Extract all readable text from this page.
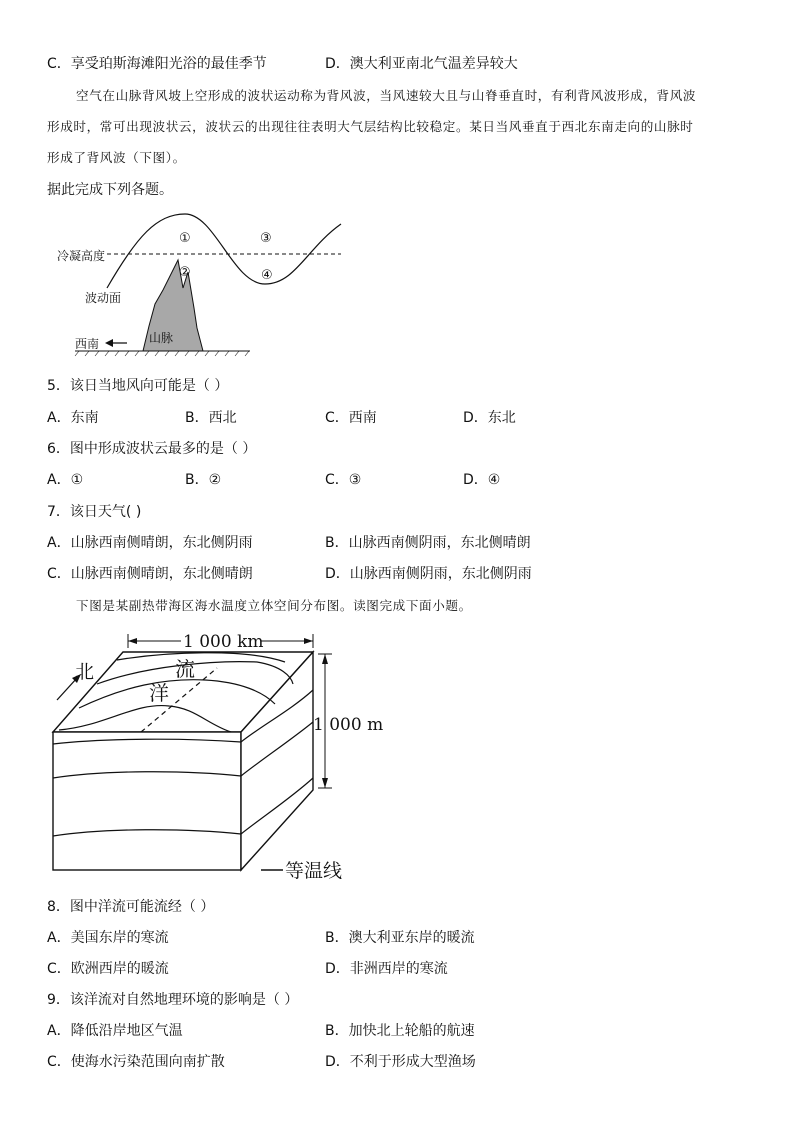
C．享受珀斯海滩阳光浴的最佳季节	D．澳大利亚南北气温差异较大
空气在山脉背风坡上空形成的波状运动称为背风波，当风速较大且与山脊垂直时，有利背风波形成，背风波
形成时，常可出现波状云，波状云的出现往往表明大气层结构比较稳定。某日当风垂直于西北东南走向的山脉时
形成了背风波（下图）。
据此完成下列各题。
冷凝高度
波动面
山脉
西南
①
②
③
④
5．该日当地风向可能是（ ）
A．东南	B．西北	C．西南	D．东北
6．图中形成波状云最多的是（ ）
A．①	B．②	C．③	D．④
7．该日天气( )
A．山脉西南侧晴朗，东北侧阴雨	B．山脉西南侧阴雨，东北侧晴朗
C．山脉西南侧晴朗，东北侧晴朗	D．山脉西南侧阴雨，东北侧阴雨
下图是某副热带海区海水温度立体空间分布图。读图完成下面小题。
1 000 km
1 000 m
北	流
洋
等温线
8．图中洋流可能流经（ ）
A．美国东岸的寒流	B．澳大利亚东岸的暖流
C．欧洲西岸的暖流	D．非洲西岸的寒流
9．该洋流对自然地理环境的影响是（ ）
A．降低沿岸地区气温	B．加快北上轮船的航速
C．使海水污染范围向南扩散	D．不利于形成大型渔场
